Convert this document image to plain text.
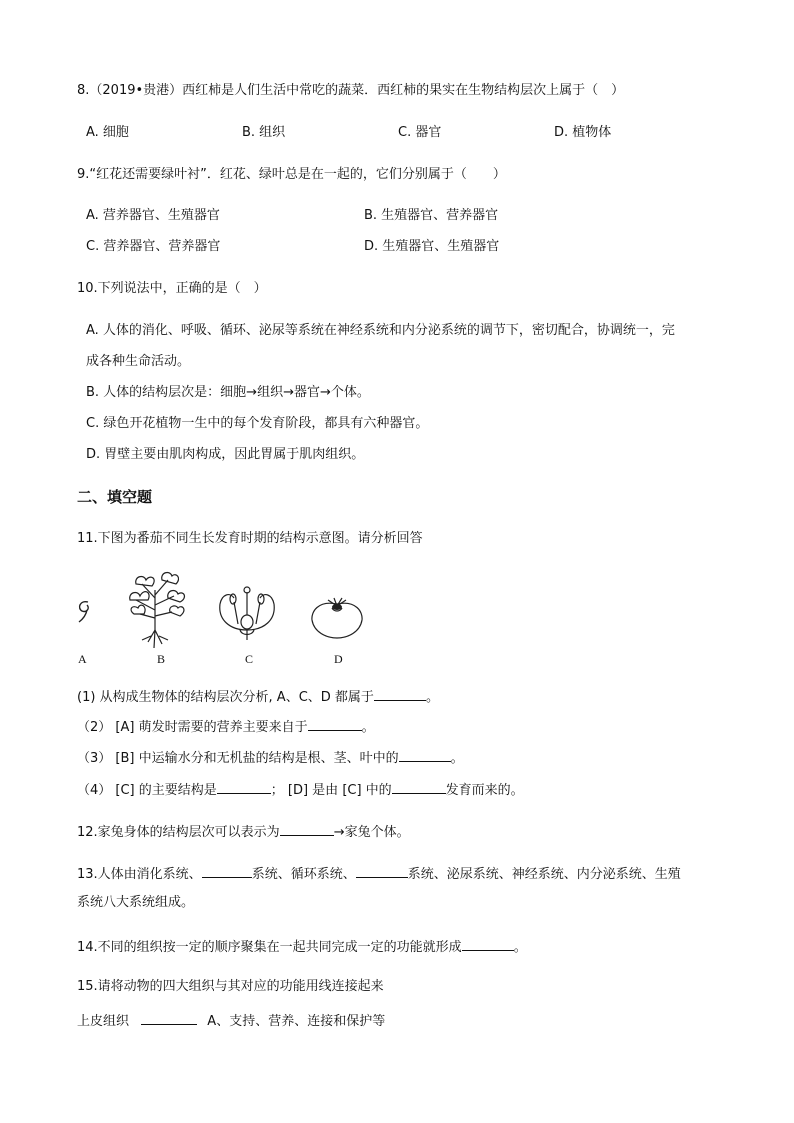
8.（2019•贵港）西红柿是人们生活中常吃的蔬菜．西红柿的果实在生物结构层次上属于（　）
A. 细胞	B. 组织	C. 器官	D. 植物体
9.“红花还需要绿叶衬”．红花、绿叶总是在一起的，它们分别属于（　　）
A. 营养器官、生殖器官	B. 生殖器官、营养器官
C. 营养器官、营养器官	D. 生殖器官、生殖器官
10.下列说法中，正确的是（　）
A. 人体的消化、呼吸、循环、泌尿等系统在神经系统和内分泌系统的调节下，密切配合，协调统一，完
成各种生命活动。
B. 人体的结构层次是：细胞→组织→器官→个体。
C. 绿色开花植物一生中的每个发育阶段，都具有六种器官。
D. 胃壁主要由肌肉构成，因此胃属于肌肉组织。
二、填空题
11.下图为番茄不同生长发育时期的结构示意图。请分析回答
A	B	C	D
(1) 从构成生物体的结构层次分析, A、C、D 都属于	。
（2） [A] 萌发时需要的营养主要来自于	。
（3） [B] 中运输水分和无机盐的结构是根、茎、叶中的	。
（4） [C] 的主要结构是	； [D] 是由 [C] 中的	发育而来的。
12.家兔身体的结构层次可以表示为	→家兔个体。
13.人体由消化系统、	系统、循环系统、	系统、泌尿系统、神经系统、内分泌系统、生殖
系统八大系统组成。
14.不同的组织按一定的顺序聚集在一起共同完成一定的功能就形成	。
15.请将动物的四大组织与其对应的功能用线连接起来
上皮组织	A、支持、营养、连接和保护等
